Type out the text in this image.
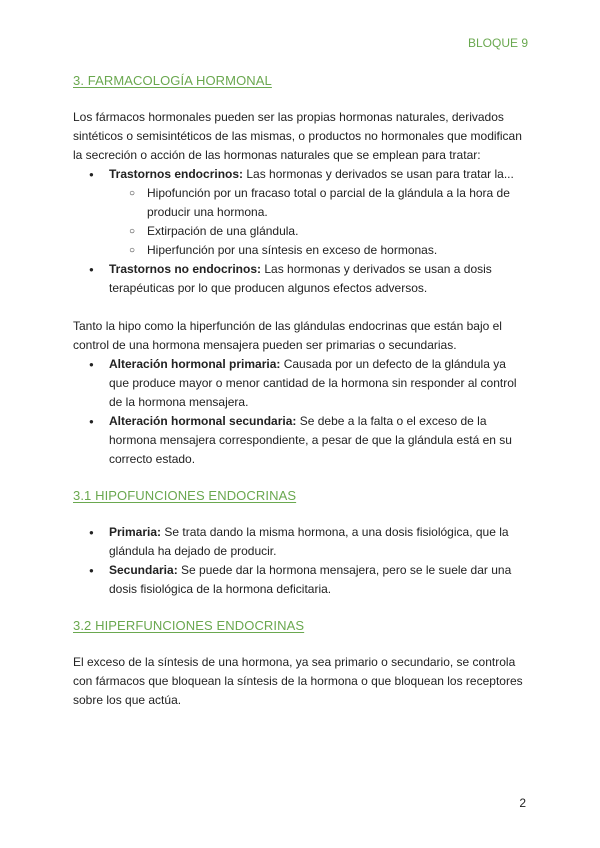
BLOQUE 9
3. FARMACOLOGÍA HORMONAL

Los fármacos hormonales pueden ser las propias hormonas naturales, derivados sintéticos o semisintéticos de las mismas, o productos no hormonales que modifican la secreción o acción de las hormonas naturales que se emplean para tratar:

● Trastornos endocrinos: Las hormonas y derivados se usan para tratar la...
○ Hipofunción por un fracaso total o parcial de la glándula a la hora de producir una hormona.
○ Extirpación de una glándula.
○ Hiperfunción por una síntesis en exceso de hormonas.
● Trastornos no endocrinos: Las hormonas y derivados se usan a dosis terapéuticas por lo que producen algunos efectos adversos.

Tanto la hipo como la hiperfunción de las glándulas endocrinas que están bajo el control de una hormona mensajera pueden ser primarias o secundarias.

● Alteración hormonal primaria: Causada por un defecto de la glándula ya que produce mayor o menor cantidad de la hormona sin responder al control de la hormona mensajera.
● Alteración hormonal secundaria: Se debe a la falta o el exceso de la hormona mensajera correspondiente, a pesar de que la glándula está en su correcto estado.
3.1 HIPOFUNCIONES ENDOCRINAS
● Primaria: Se trata dando la misma hormona, a una dosis fisiológica, que la glándula ha dejado de producir.
● Secundaria: Se puede dar la hormona mensajera, pero se le suele dar una dosis fisiológica de la hormona deficitaria.
3.2 HIPERFUNCIONES ENDOCRINAS

El exceso de la síntesis de una hormona, ya sea primario o secundario, se controla con fármacos que bloquean la síntesis de la hormona o que bloquean los receptores sobre los que actúa.

2
